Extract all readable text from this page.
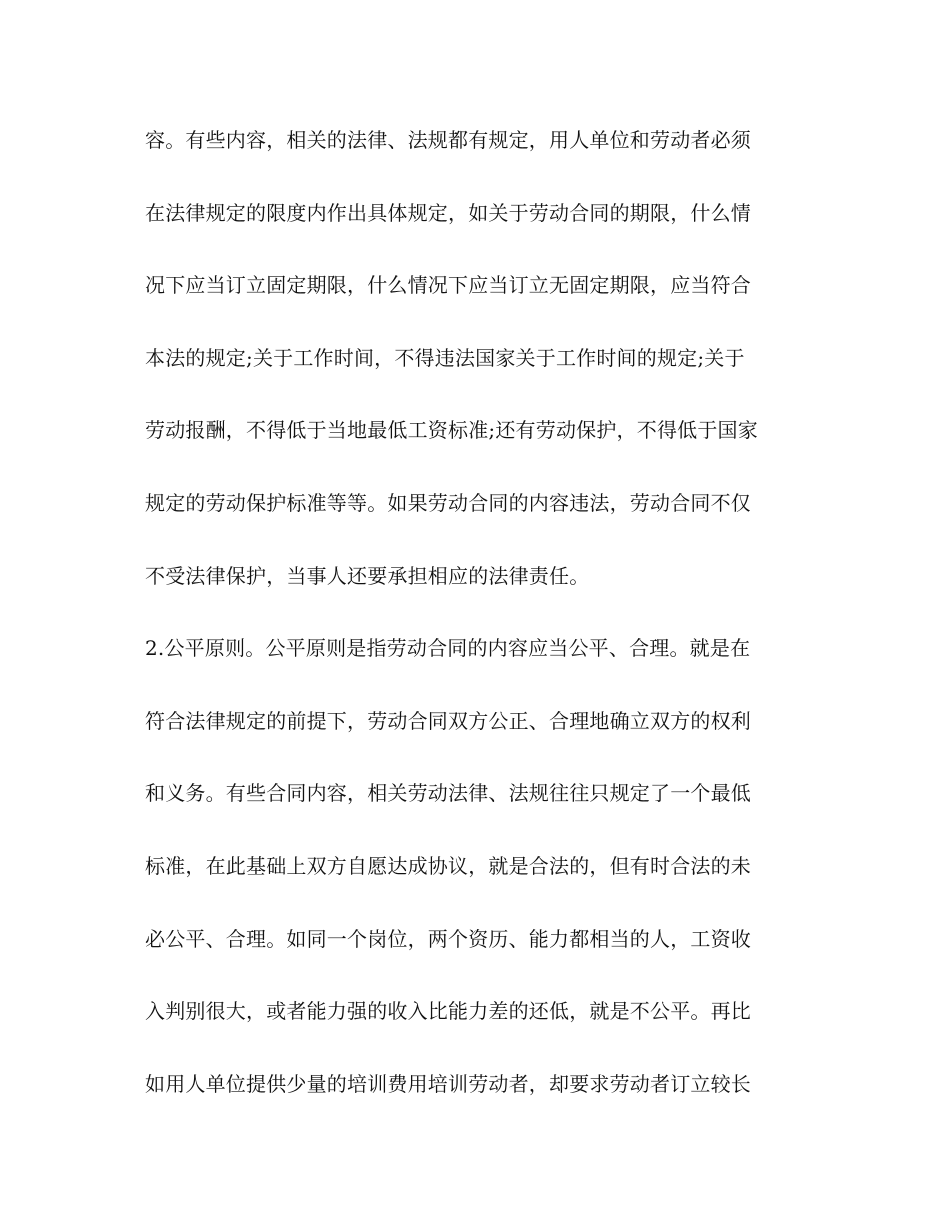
容。有些内容，相关的法律、法规都有规定，用人单位和劳动者必须
在法律规定的限度内作出具体规定，如关于劳动合同的期限，什么情
况下应当订立固定期限，什么情况下应当订立无固定期限，应当符合
本法的规定;关于工作时间，不得违法国家关于工作时间的规定;关于
劳动报酬，不得低于当地最低工资标准;还有劳动保护，不得低于国家
规定的劳动保护标准等等。如果劳动合同的内容违法，劳动合同不仅
不受法律保护，当事人还要承担相应的法律责任。
2.公平原则。公平原则是指劳动合同的内容应当公平、合理。就是在
符合法律规定的前提下，劳动合同双方公正、合理地确立双方的权利
和义务。有些合同内容，相关劳动法律、法规往往只规定了一个最低
标准，在此基础上双方自愿达成协议，就是合法的，但有时合法的未
必公平、合理。如同一个岗位，两个资历、能力都相当的人，工资收
入判别很大，或者能力强的收入比能力差的还低，就是不公平。再比
如用人单位提供少量的培训费用培训劳动者，却要求劳动者订立较长
